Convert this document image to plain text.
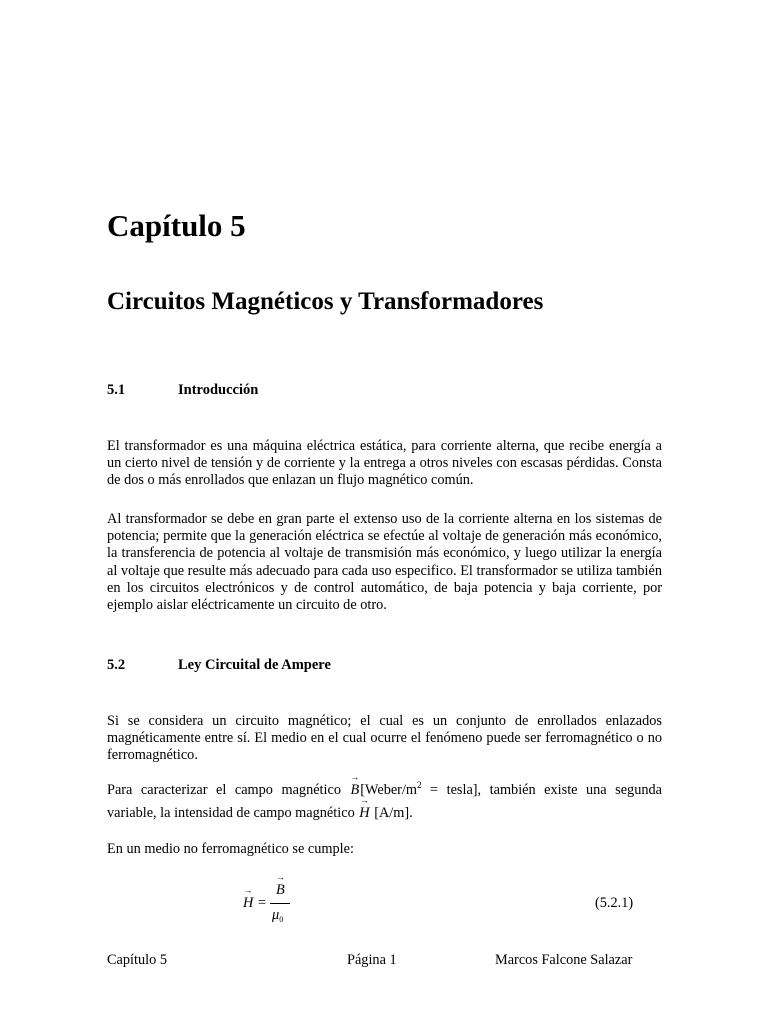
Capítulo 5
Circuitos Magnéticos y Transformadores
5.1	Introducción
El transformador es una máquina eléctrica estática, para corriente alterna, que recibe energía a un cierto nivel de tensión y de corriente y la entrega a otros niveles con escasas pérdidas. Consta de dos o más enrollados que enlazan un flujo magnético común.
Al transformador se debe en gran parte el extenso uso de la corriente alterna en los sistemas de potencia; permite que la generación eléctrica se efectúe al voltaje de generación más económico, la transferencia de potencia al voltaje de transmisión más económico, y luego utilizar la energía al voltaje que resulte más adecuado para cada uso especifico. El transformador se utiliza también en los circuitos electrónicos y de control automático, de baja potencia y baja corriente, por ejemplo aislar eléctricamente un circuito de otro.
5.2	Ley Circuital de Ampere
Si se considera un circuito magnético; el cual es un conjunto de enrollados enlazados magnéticamente entre sí. El medio en el cual ocurre el fenómeno puede ser ferromagnético o no ferromagnético.
Para caracterizar el campo magnético
→
$B[Weber/m^2$ = tesla], también existe una segunda
variable, la intensidad de campo magnético
→
H [A/m].
En un medio no ferromagnético se cumple:
→
H =
→
B
$\mu_0$
(5.2.1)
Capítulo 5	Página 1	Marcos Falcone Salazar
